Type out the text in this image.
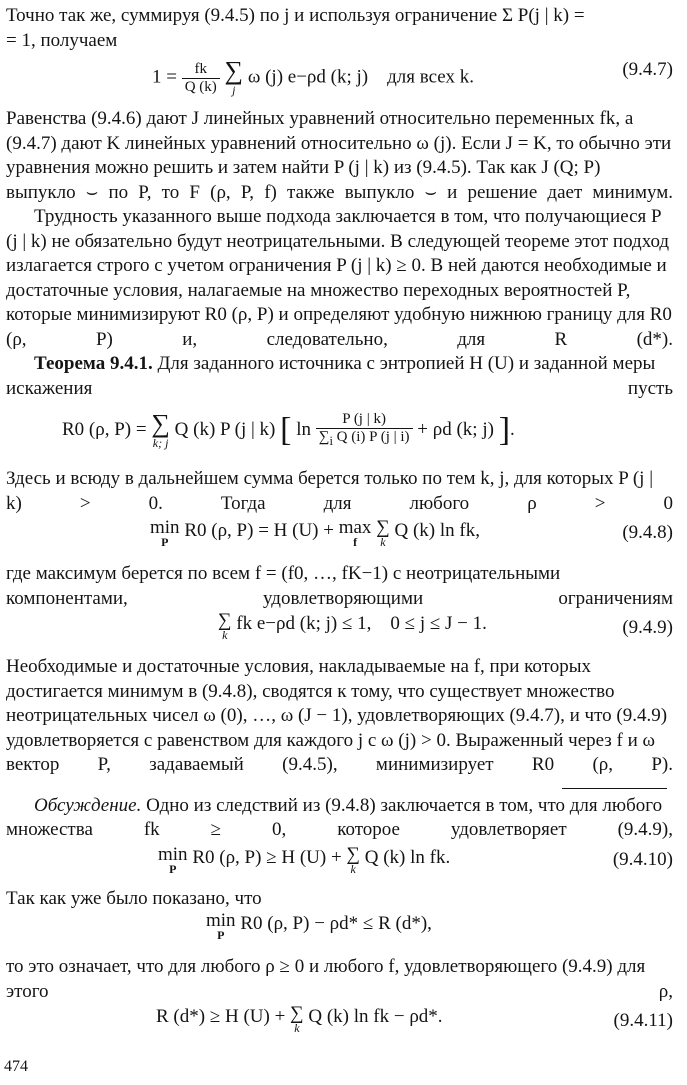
Точно так же, суммируя (9.4.5) по j и используя ограничение Σ P(j | k) =

= 1, получаем

$1 = \frac{fk}{Q (k)}$
∑
j
ω (j) e−ρd (k; j) для всех k.	(9.4.7)

Равенства (9.4.6) дают J линейных уравнений относительно переменных fk, а (9.4.7) дают K линейных уравнений относительно ω (j). Если J = K, то обычно эти уравнения можно решить и затем найти P (j | k) из (9.4.5). Так как J (Q; P) выпукло ⌣ по P, то F (ρ, P, f) также выпукло ⌣ и решение дает минимум.

Трудность указанного выше подхода заключается в том, что получающиеся P (j | k) не обязательно будут неотрицательными. В следующей теореме этот подход излагается строго с учетом ограничения P (j | k) ≥ 0. В ней даются необходимые и достаточные условия, налагаемые на множество переходных вероятностей P, которые минимизируют R0 (ρ, P) и определяют удобную нижнюю границу для R0 (ρ, P) и, следовательно, для R (d*).

Теорема 9.4.1. Для заданного источника с энтропией H (U) и заданной меры искажения пусть

R0 (ρ, P) = ∑
k; j
Q (k) P (j | k) [ $\ln \frac{P (j | k)}{\sum_i Q (i) P (j | i)} + \rho d$ (k; j) ].

Здесь и всюду в дальнейшем сумма берется только по тем k, j, для которых P (j | k) > 0. Тогда для любого ρ > 0

min
P
R0 (ρ, P) = H (U) + max
f
∑
k
Q (k) ln fk,	(9.4.8)

где максимум берется по всем f = (f0, …, fK−1) с неотрицательными компонентами, удовлетворяющими ограничениям

∑
k
fk e−ρd (k; j) ≤ 1, 0 ≤ j ≤ J − 1.	(9.4.9)

Необходимые и достаточные условия, накладываемые на f, при которых достигается минимум в (9.4.8), сводятся к тому, что существует множество неотрицательных чисел ω (0), …, ω (J − 1), удовлетворяющих (9.4.7), и что (9.4.9) удовлетворяется с равенством для каждого j с ω (j) > 0. Выраженный через f и ω вектор P, задаваемый (9.4.5), минимизирует R0 (ρ, P).

Обсуждение. Одно из следствий из (9.4.8) заключается в том, что для любого множества fk ≥ 0, которое удовлетворяет (9.4.9),

min
P
R0 (ρ, P) ≥ H (U) + ∑
k
Q (k) ln fk.	(9.4.10)

Так как уже было показано, что

min
P
R0 (ρ, P) − ρd* ≤ R (d*),

то это означает, что для любого ρ ≥ 0 и любого f, удовлетворяющего (9.4.9) для этого ρ,

R (d*) ≥ H (U) + ∑
k
Q (k) ln fk − ρd*.	(9.4.11)
474
